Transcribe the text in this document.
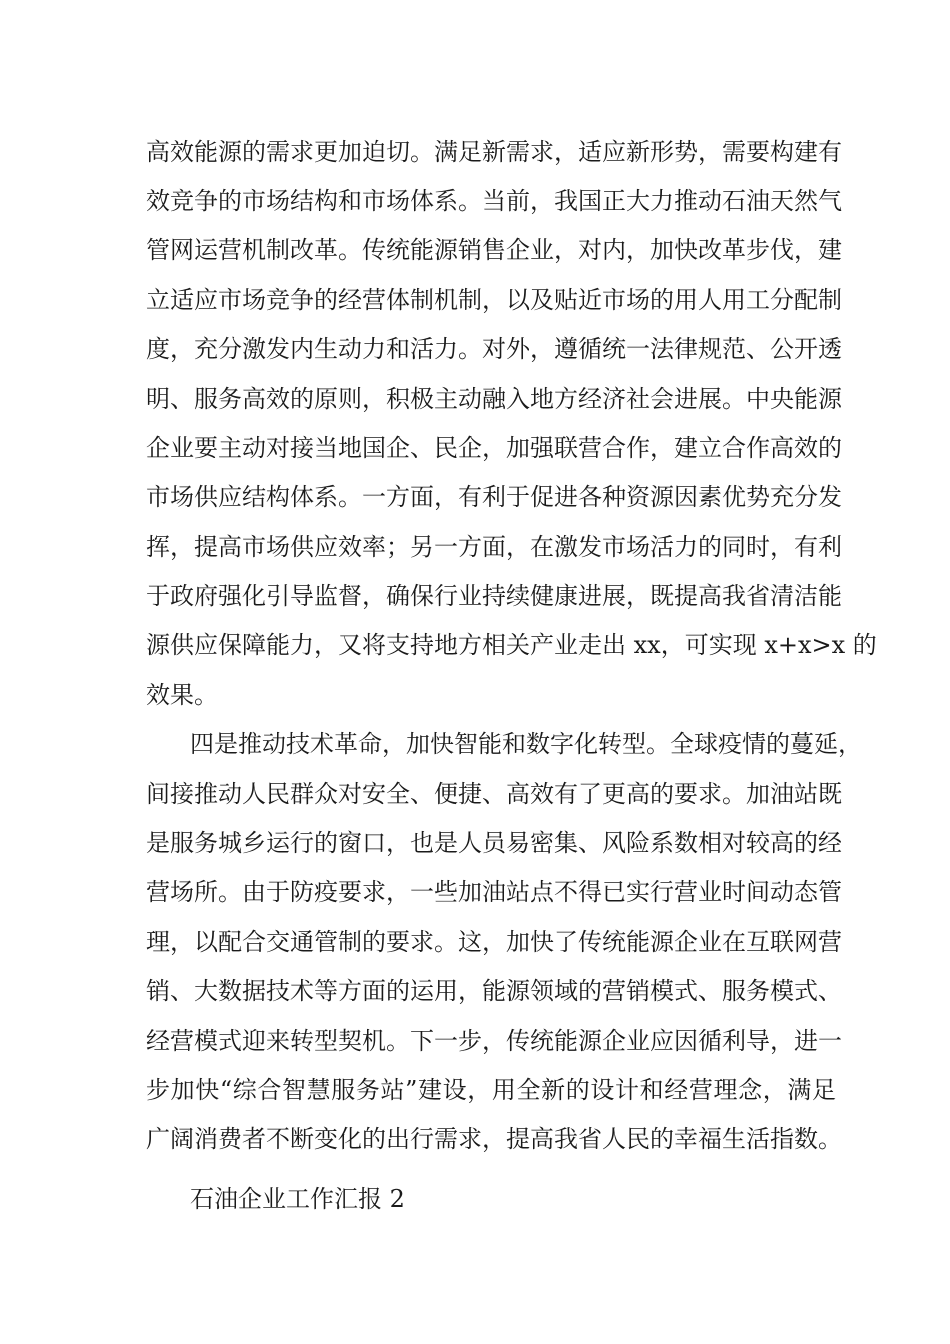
高效能源的需求更加迫切。满足新需求，适应新形势，需要构建有
效竞争的市场结构和市场体系。当前，我国正大力推动石油天然气
管网运营机制改革。传统能源销售企业，对内，加快改革步伐，建
立适应市场竞争的经营体制机制，以及贴近市场的用人用工分配制
度，充分激发内生动力和活力。对外，遵循统一法律规范、公开透
明、服务高效的原则，积极主动融入地方经济社会进展。中央能源
企业要主动对接当地国企、民企，加强联营合作，建立合作高效的
市场供应结构体系。一方面，有利于促进各种资源因素优势充分发
挥，提高市场供应效率；另一方面，在激发市场活力的同时，有利
于政府强化引导监督，确保行业持续健康进展，既提高我省清洁能
源供应保障能力，又将支持地方相关产业走出 xx，可实现 x+x>x 的
效果。
四是推动技术革命，加快智能和数字化转型。全球疫情的蔓延，
间接推动人民群众对安全、便捷、高效有了更高的要求。加油站既
是服务城乡运行的窗口，也是人员易密集、风险系数相对较高的经
营场所。由于防疫要求，一些加油站点不得已实行营业时间动态管
理，以配合交通管制的要求。这，加快了传统能源企业在互联网营
销、大数据技术等方面的运用，能源领域的营销模式、服务模式、
经营模式迎来转型契机。下一步，传统能源企业应因循利导，进一
步加快“综合智慧服务站”建设，用全新的设计和经营理念，满足
广阔消费者不断变化的出行需求，提高我省人民的幸福生活指数。
石油企业工作汇报 2
